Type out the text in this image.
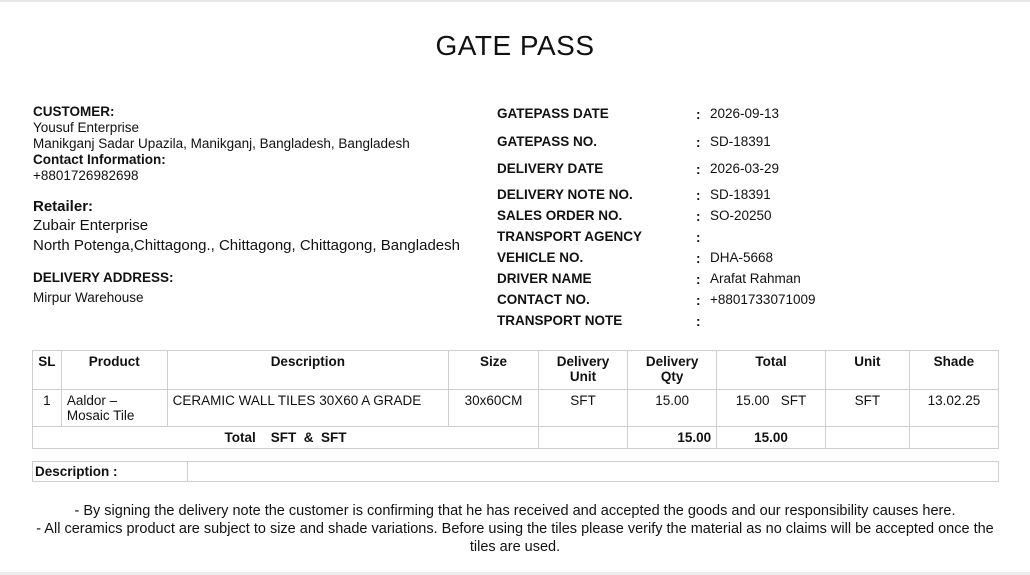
GATE PASS
CUSTOMER:
Yousuf Enterprise
Manikganj Sadar Upazila, Manikganj, Bangladesh, Bangladesh
Contact Information:
+8801726982698
Retailer:
Zubair Enterprise
North Potenga,Chittagong., Chittagong, Chittagong, Bangladesh
DELIVERY ADDRESS:
Mirpur Warehouse
GATEPASS DATE	: 2026-09-13
GATEPASS NO.	: SD-18391
DELIVERY DATE	: 2026-03-29
DELIVERY NOTE NO.	: SD-18391
SALES ORDER NO.	: SO-20250
TRANSPORT AGENCY	:
VEHICLE NO.	: DHA-5668
DRIVER NAME	: Arafat Rahman
CONTACT NO.	: +8801733071009
TRANSPORT NOTE	:
SL	Product	Description	Size	Delivery Unit	Delivery Qty	Total	Unit	Shade
1	Aaldor – Mosaic Tile	CERAMIC WALL TILES 30X60 A GRADE	30x60CM	SFT	15.00	15.00   SFT	SFT	13.02.25
Total    SFT  &  SFT					15.00	15.00		
Description :	
- By signing the delivery note the customer is confirming that he has received and accepted the goods and our responsibility causes here.
- All ceramics product are subject to size and shade variations. Before using the tiles please verify the material as no claims will be accepted once the tiles are used.
